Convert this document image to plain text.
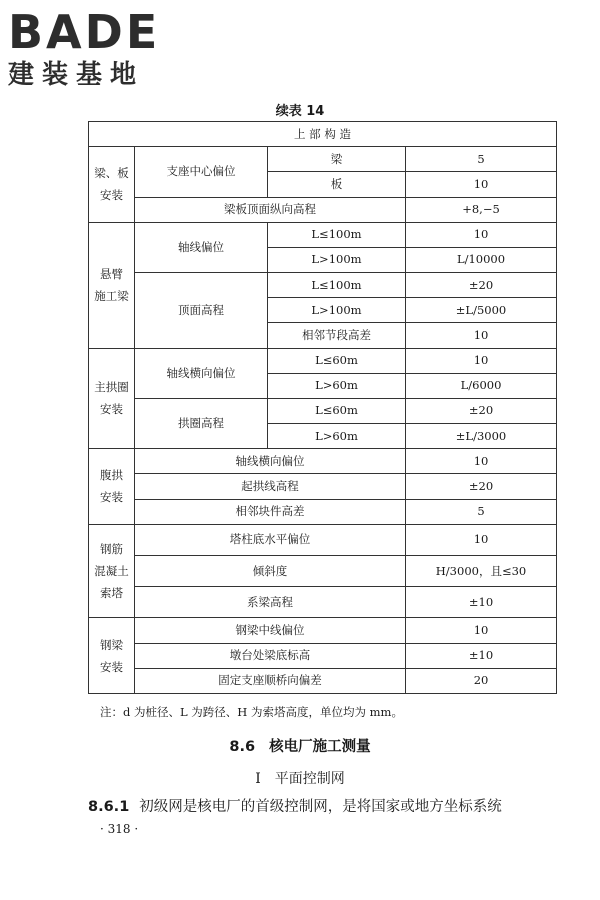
BADE
建装基地
续表 14
上 部 构 造			
梁、板
安装	支座中心偏位	梁	5
		板	10
	梁板顶面纵向高程		+8,−5
悬臂
施工梁	轴线偏位	L≤100m	10
		L>100m	L/10000
	顶面高程	L≤100m	±20
		L>100m	±L/5000
		相邻节段高差	10
主拱圈
安装	轴线横向偏位	L≤60m	10
		L>60m	L/6000
	拱圈高程	L≤60m	±20
		L>60m	±L/3000
腹拱
安装	轴线横向偏位		10
	起拱线高程		±20
	相邻块件高差		5
钢筋
混凝土
索塔	塔柱底水平偏位		10
	倾斜度		H/3000，且≤30
	系梁高程		±10
钢梁
安装	钢梁中线偏位		10
	墩台处梁底标高		±10
	固定支座顺桥向偏差		20
注：d 为桩径、L 为跨径、H 为索塔高度，单位均为 mm。
8.6 核电厂施工测量
Ⅰ 平面控制网
8.6.1 初级网是核电厂的首级控制网，是将国家或地方坐标系统
· 318 ·
